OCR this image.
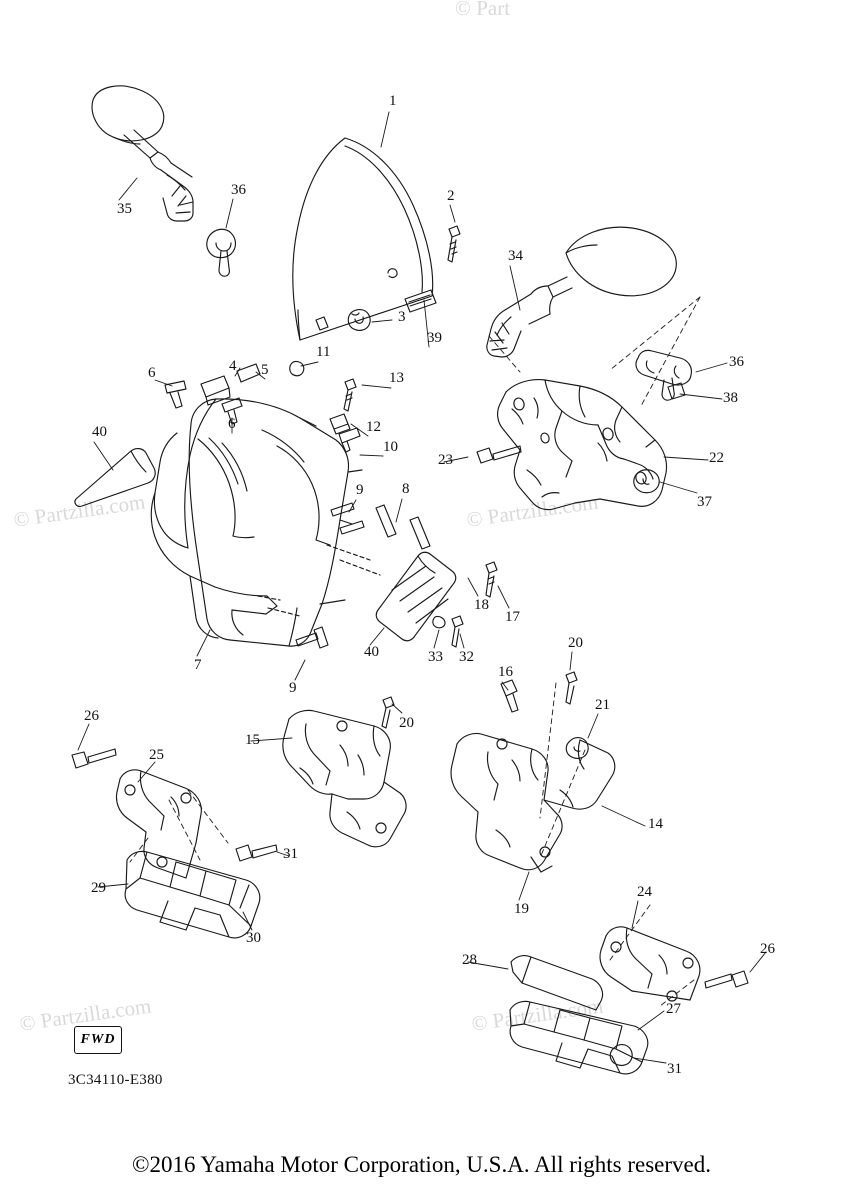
© Part
© Partzilla.com	© Partzilla.com
© Partzilla.com	© Partzilla.com
1
2
3
4 5
6
6
7
8
9
9
10
11
12
13
14
15
16
17
18
19
20
20
21
22
23
24
25
26
26
27
28
29
30
31
31
32
33
34
35
36
36
37
38
39
40
40
FWD
3C34110-E380
©2016 Yamaha Motor Corporation, U.S.A. All rights reserved.
